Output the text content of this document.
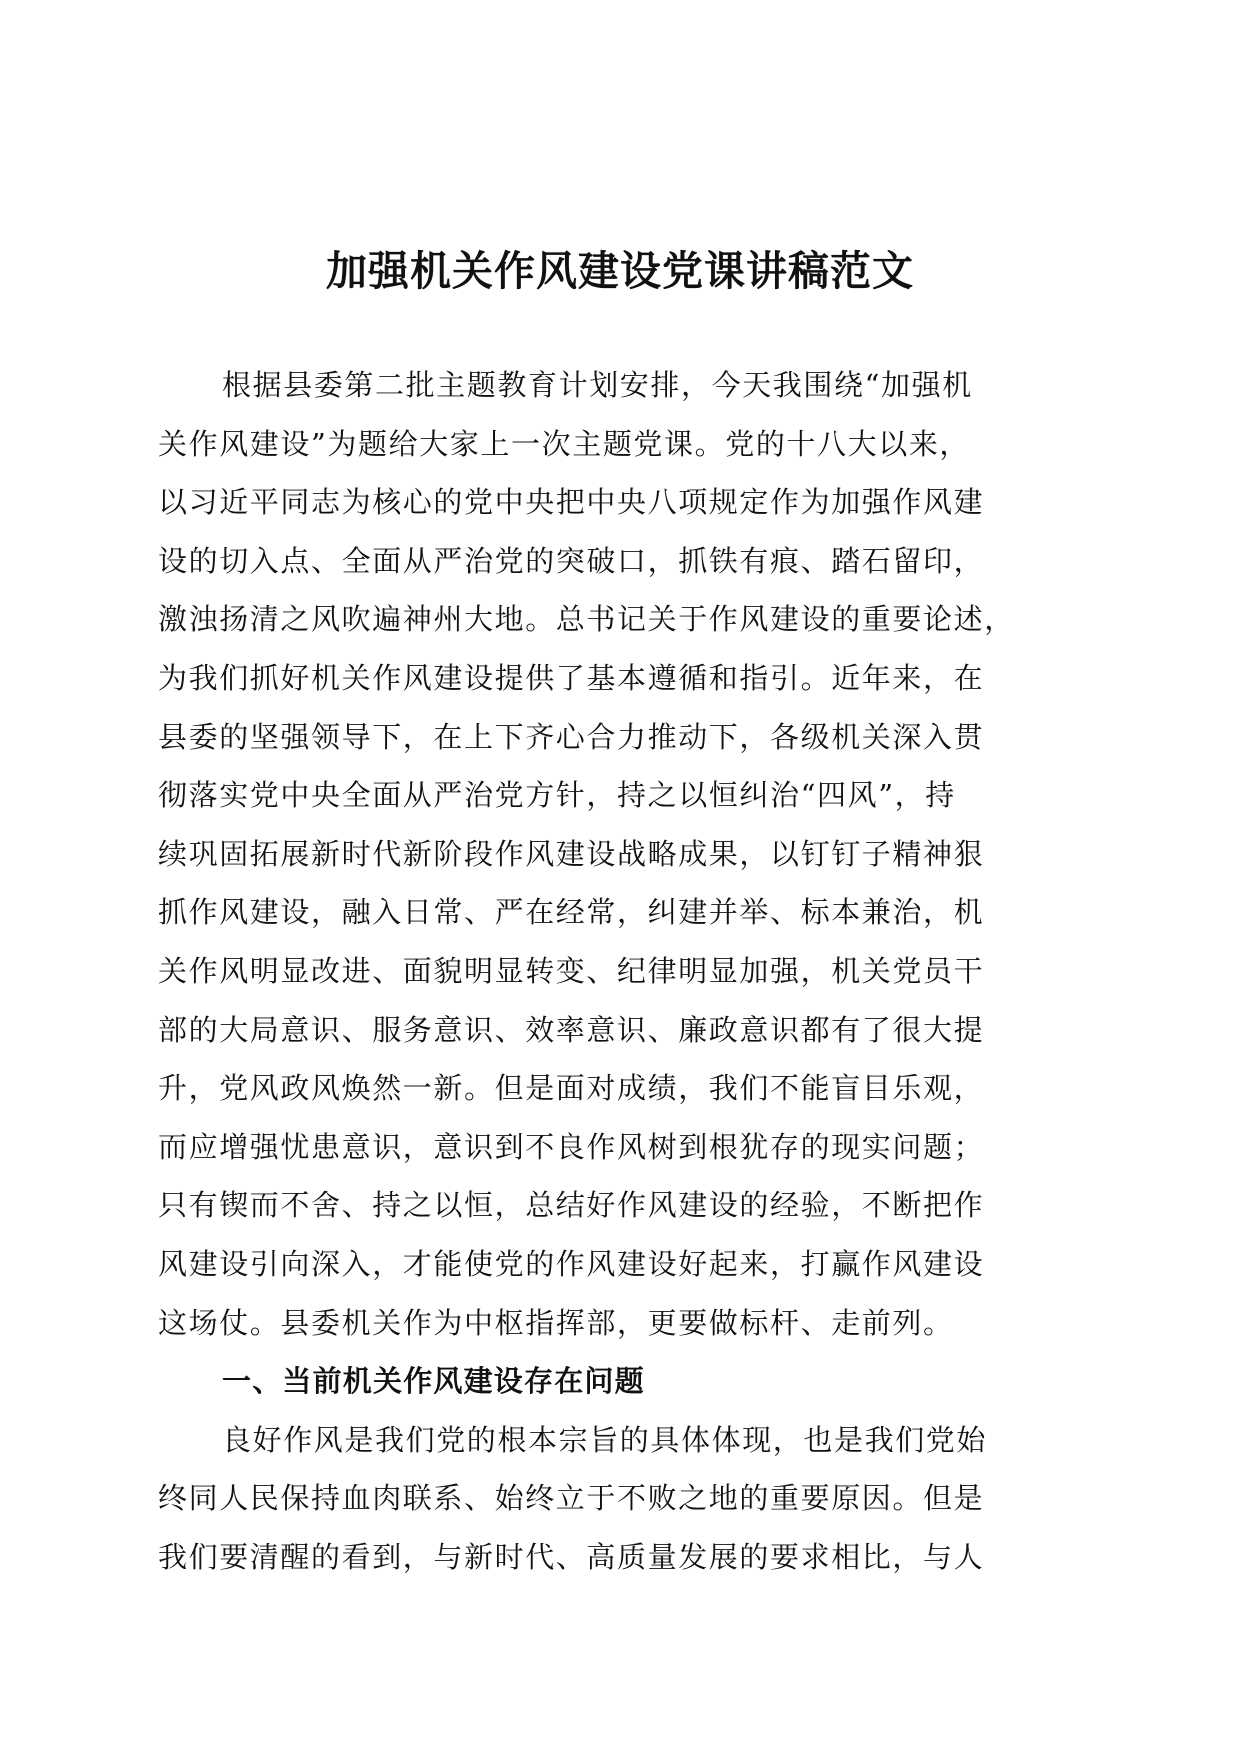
加强机关作风建设党课讲稿范文
根据县委第二批主题教育计划安排，今天我围绕“加强机
关作风建设”为题给大家上一次主题党课。党的十八大以来，
以习近平同志为核心的党中央把中央八项规定作为加强作风建
设的切入点、全面从严治党的突破口，抓铁有痕、踏石留印，
激浊扬清之风吹遍神州大地。总书记关于作风建设的重要论述，
为我们抓好机关作风建设提供了基本遵循和指引。近年来，在
县委的坚强领导下，在上下齐心合力推动下，各级机关深入贯
彻落实党中央全面从严治党方针，持之以恒纠治“四风”，持
续巩固拓展新时代新阶段作风建设战略成果，以钉钉子精神狠
抓作风建设，融入日常、严在经常，纠建并举、标本兼治，机
关作风明显改进、面貌明显转变、纪律明显加强，机关党员干
部的大局意识、服务意识、效率意识、廉政意识都有了很大提
升，党风政风焕然一新。但是面对成绩，我们不能盲目乐观，
而应增强忧患意识，意识到不良作风树到根犹存的现实问题；
只有锲而不舍、持之以恒，总结好作风建设的经验，不断把作
风建设引向深入，才能使党的作风建设好起来，打赢作风建设
这场仗。县委机关作为中枢指挥部，更要做标杆、走前列。
一、当前机关作风建设存在问题
良好作风是我们党的根本宗旨的具体体现，也是我们党始
终同人民保持血肉联系、始终立于不败之地的重要原因。但是
我们要清醒的看到，与新时代、高质量发展的要求相比，与人
